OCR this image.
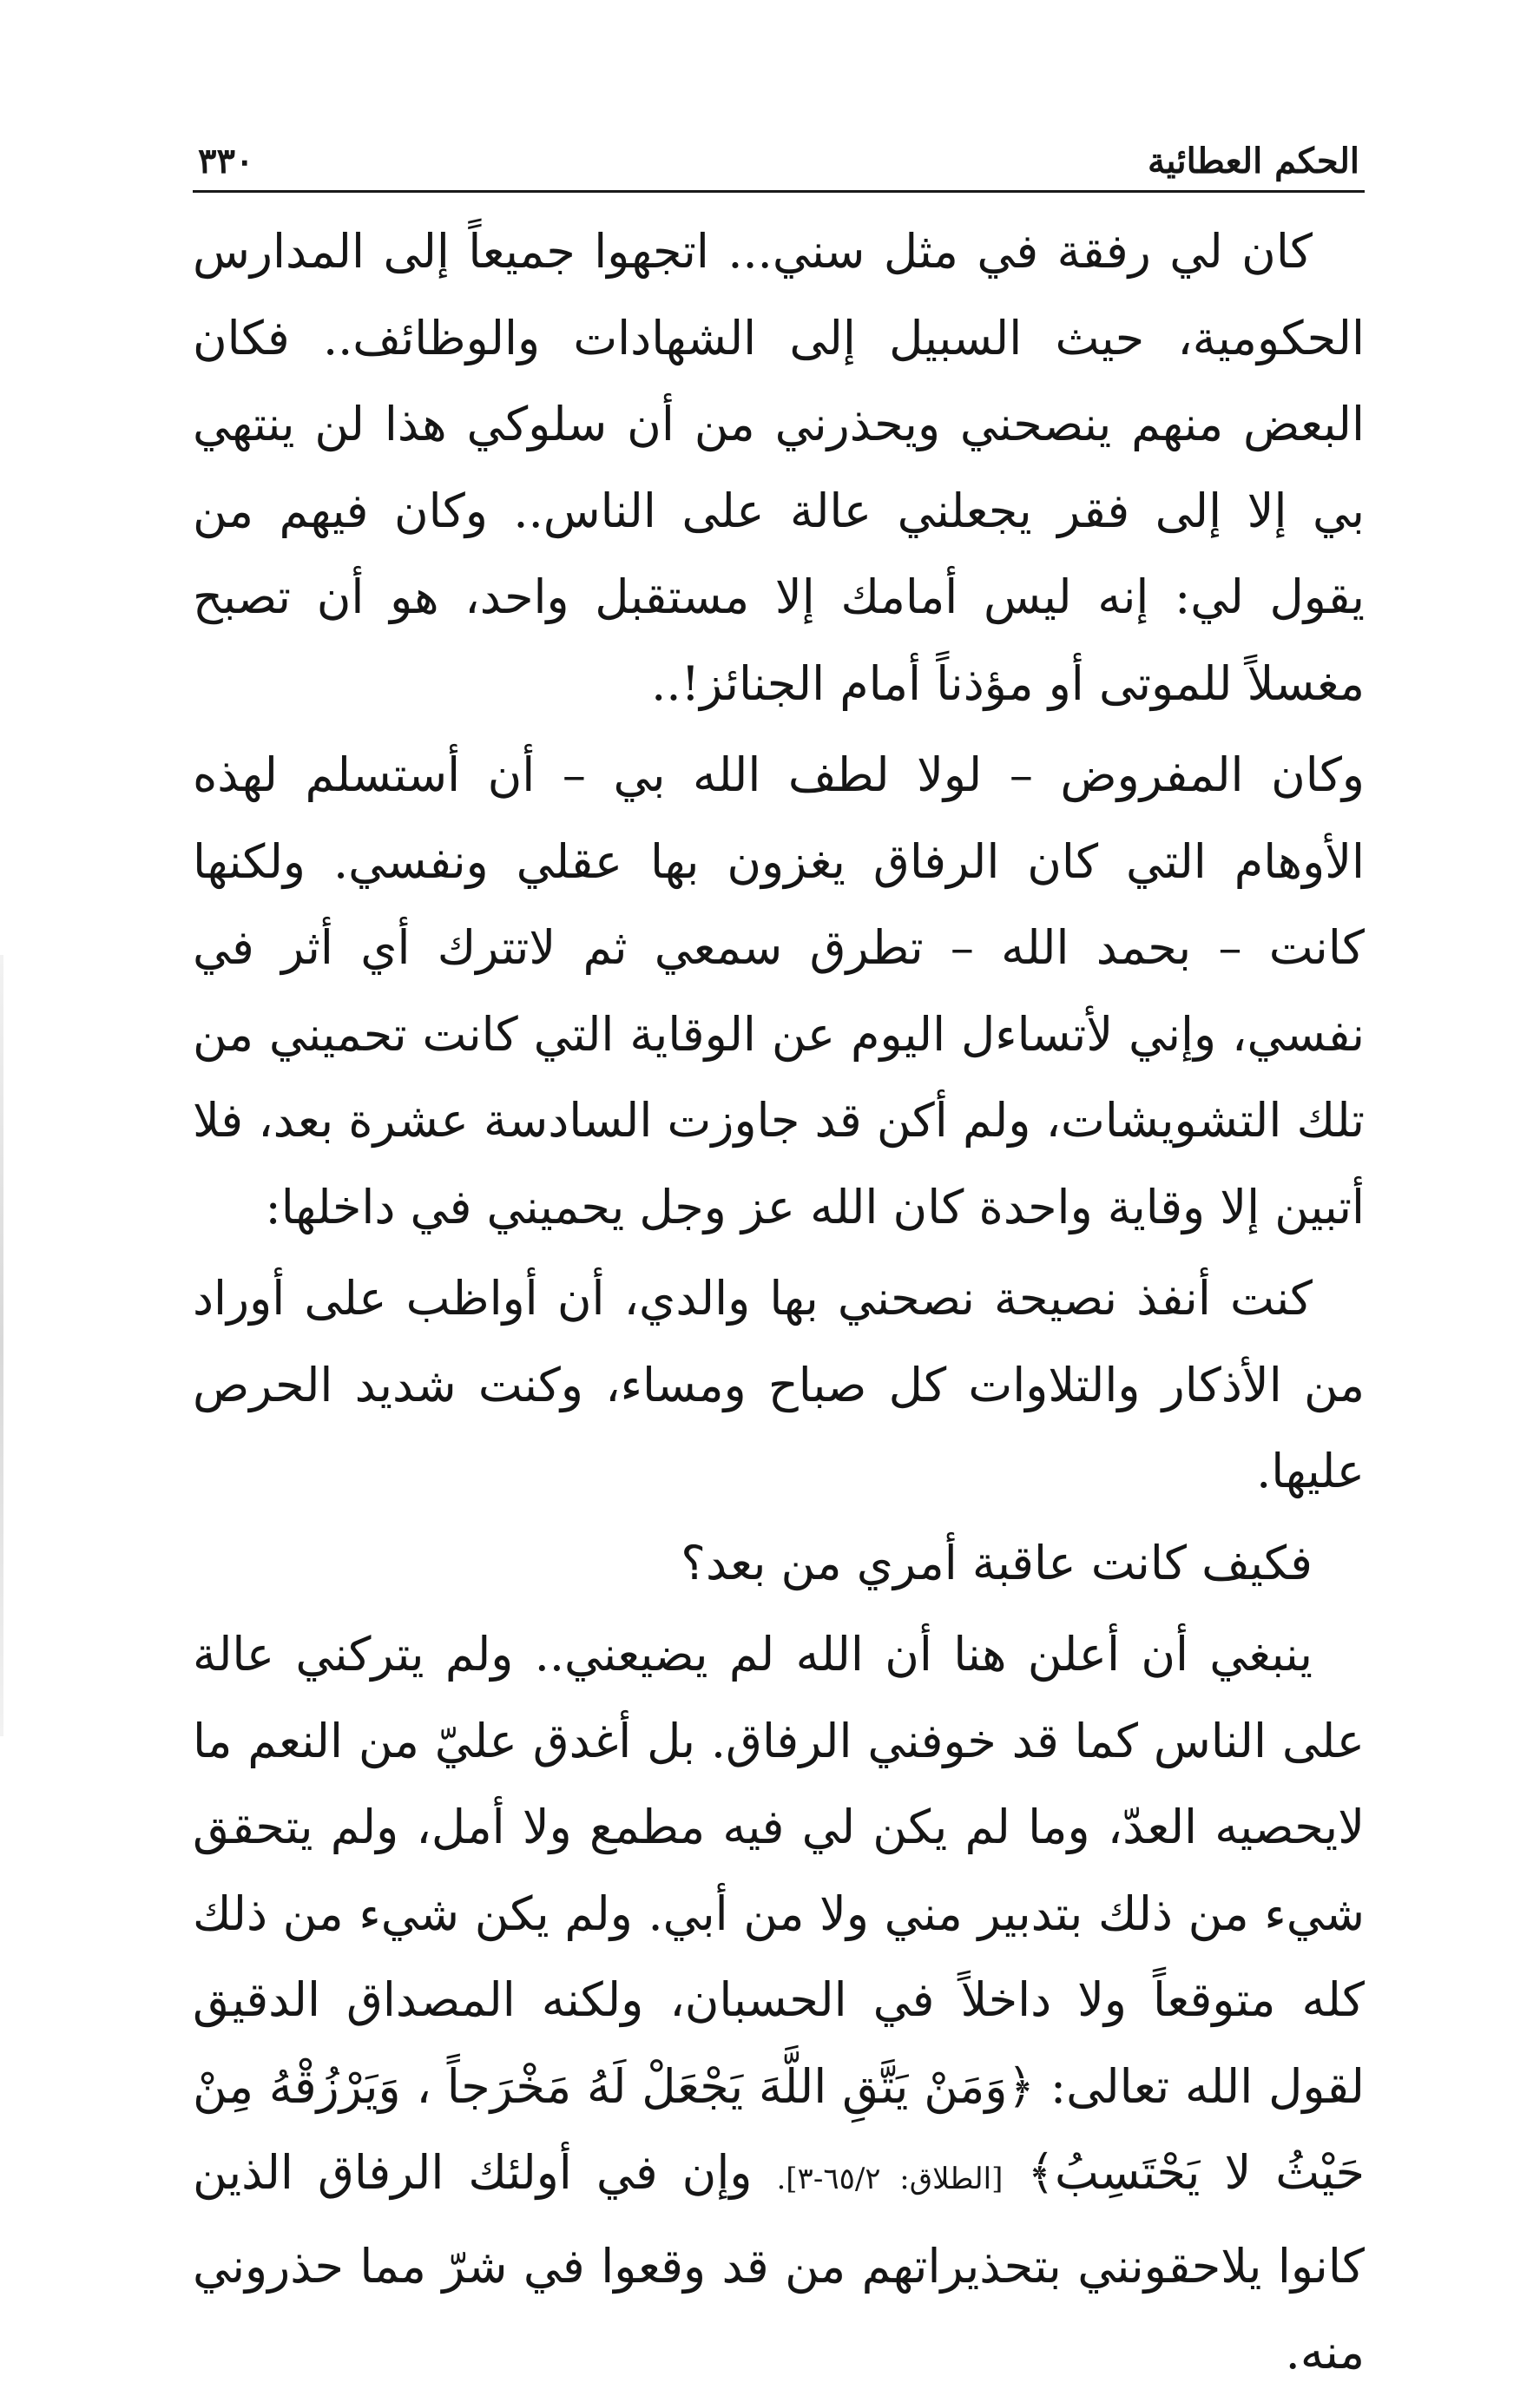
٣٣٠	الحكم العطائية

كان لي رفقة في مثل سني... اتجهوا جميعاً إلى المدارس الحكومية، حيث السبيل إلى الشهادات والوظائف.. فكان البعض منهم ينصحني ويحذرني من أن سلوكي هذا لن ينتهي بي إلا إلى فقر يجعلني عالة على الناس.. وكان فيهم من يقول لي: إنه ليس أمامك إلا مستقبل واحد، هو أن تصبح مغسلاً للموتى أو مؤذناً أمام الجنائز!..

وكان المفروض – لولا لطف الله بي – أن أستسلم لهذه الأوهام التي كان الرفاق يغزون بها عقلي ونفسي. ولكنها كانت – بحمد الله – تطرق سمعي ثم لاتترك أي أثر في نفسي، وإني لأتساءل اليوم عن الوقاية التي كانت تحميني من تلك التشويشات، ولم أكن قد جاوزت السادسة عشرة بعد، فلا أتبين إلا وقاية واحدة كان الله عز وجل يحميني في داخلها:

كنت أنفذ نصيحة نصحني بها والدي، أن أواظب على أوراد من الأذكار والتلاوات كل صباح ومساء، وكنت شديد الحرص عليها.

فكيف كانت عاقبة أمري من بعد؟

ينبغي أن أعلن هنا أن الله لم يضيعني.. ولم يتركني عالة على الناس كما قد خوفني الرفاق. بل أغدق عليّ من النعم ما لايحصيه العدّ، وما لم يكن لي فيه مطمع ولا أمل، ولم يتحقق شيء من ذلك بتدبير مني ولا من أبي. ولم يكن شيء من ذلك كله متوقعاً ولا داخلاً في الحسبان، ولكنه المصداق الدقيق لقول الله تعالى: ﴿وَمَنْ يَتَّقِ اللَّهَ يَجْعَلْ لَهُ مَخْرَجاً ، وَيَرْزُقْهُ مِنْ حَيْثُ لا يَحْتَسِبُ﴾ [الطلاق: ٦٥/٢-٣]. وإن في أولئك الرفاق الذين كانوا يلاحقونني بتحذيراتهم من قد وقعوا في شرّ مما حذروني منه.
